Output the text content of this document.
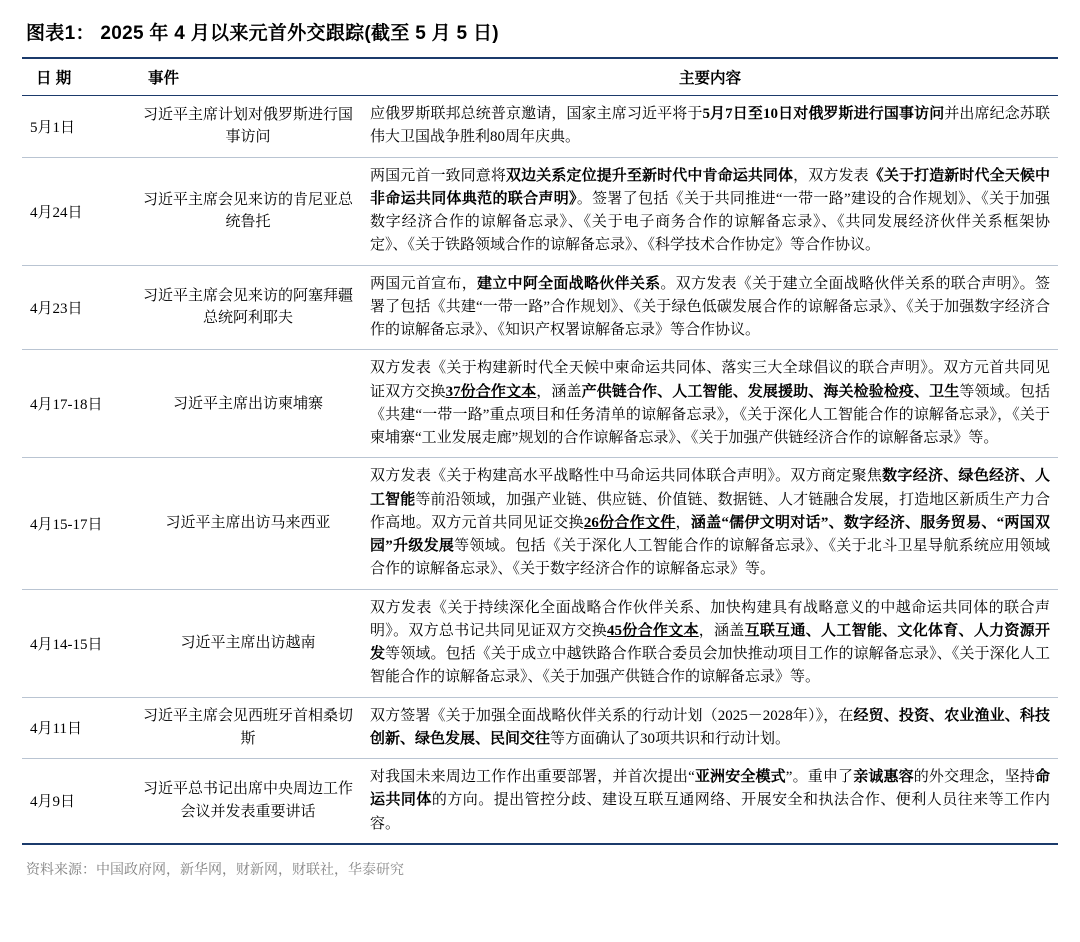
图表1： 2025 年 4 月以来元首外交跟踪(截至 5 月 5 日)
日 期	事件	主要内容
5月1日	习近平主席计划对俄罗斯进行国事访问	应俄罗斯联邦总统普京邀请，国家主席习近平将于5月7日至10日对俄罗斯进行国事访问并出席纪念苏联伟大卫国战争胜利80周年庆典。
4月24日	习近平主席会见来访的肯尼亚总统鲁托	两国元首一致同意将双边关系定位提升至新时代中肯命运共同体，双方发表《关于打造新时代全天候中非命运共同体典范的联合声明》。签署了包括《关于共同推进“一带一路”建设的合作规划》、《关于加强数字经济合作的谅解备忘录》、《关于电子商务合作的谅解备忘录》、《共同发展经济伙伴关系框架协定》、《关于铁路领域合作的谅解备忘录》、《科学技术合作协定》等合作协议。
4月23日	习近平主席会见来访的阿塞拜疆总统阿利耶夫	两国元首宣布，建立中阿全面战略伙伴关系。双方发表《关于建立全面战略伙伴关系的联合声明》。签署了包括《共建“一带一路”合作规划》、《关于绿色低碳发展合作的谅解备忘录》、《关于加强数字经济合作的谅解备忘录》、《知识产权署谅解备忘录》等合作协议。
4月17-18日	习近平主席出访柬埔寨	双方发表《关于构建新时代全天候中柬命运共同体、落实三大全球倡议的联合声明》。双方元首共同见证双方交换37份合作文本，涵盖产供链合作、人工智能、发展援助、海关检验检疫、卫生等领域。包括《共建“一带一路”重点项目和任务清单的谅解备忘录》，《关于深化人工智能合作的谅解备忘录》，《关于柬埔寨“工业发展走廊”规划的合作谅解备忘录》、《关于加强产供链经济合作的谅解备忘录》等。
4月15-17日	习近平主席出访马来西亚	双方发表《关于构建高水平战略性中马命运共同体联合声明》。双方商定聚焦数字经济、绿色经济、人工智能等前沿领域，加强产业链、供应链、价值链、数据链、人才链融合发展，打造地区新质生产力合作高地。双方元首共同见证交换26份合作文件，涵盖“儒伊文明对话”、数字经济、服务贸易、“两国双园”升级发展等领域。包括《关于深化人工智能合作的谅解备忘录》、《关于北斗卫星导航系统应用领域合作的谅解备忘录》、《关于数字经济合作的谅解备忘录》等。
4月14-15日	习近平主席出访越南	双方发表《关于持续深化全面战略合作伙伴关系、加快构建具有战略意义的中越命运共同体的联合声明》。双方总书记共同见证双方交换45份合作文本，涵盖互联互通、人工智能、文化体育、人力资源开发等领域。包括《关于成立中越铁路合作联合委员会加快推动项目工作的谅解备忘录》、《关于深化人工智能合作的谅解备忘录》、《关于加强产供链合作的谅解备忘录》等。
4月11日	习近平主席会见西班牙首相桑切斯	双方签署《关于加强全面战略伙伴关系的行动计划（2025－2028年）》，在经贸、投资、农业渔业、科技创新、绿色发展、民间交往等方面确认了30项共识和行动计划。
4月9日	习近平总书记出席中央周边工作会议并发表重要讲话	对我国未来周边工作作出重要部署，并首次提出“亚洲安全模式”。重申了亲诚惠容的外交理念，坚持命运共同体的方向。提出管控分歧、建设互联互通网络、开展安全和执法合作、便利人员往来等工作内容。
资料来源：中国政府网，新华网，财新网，财联社，华泰研究
